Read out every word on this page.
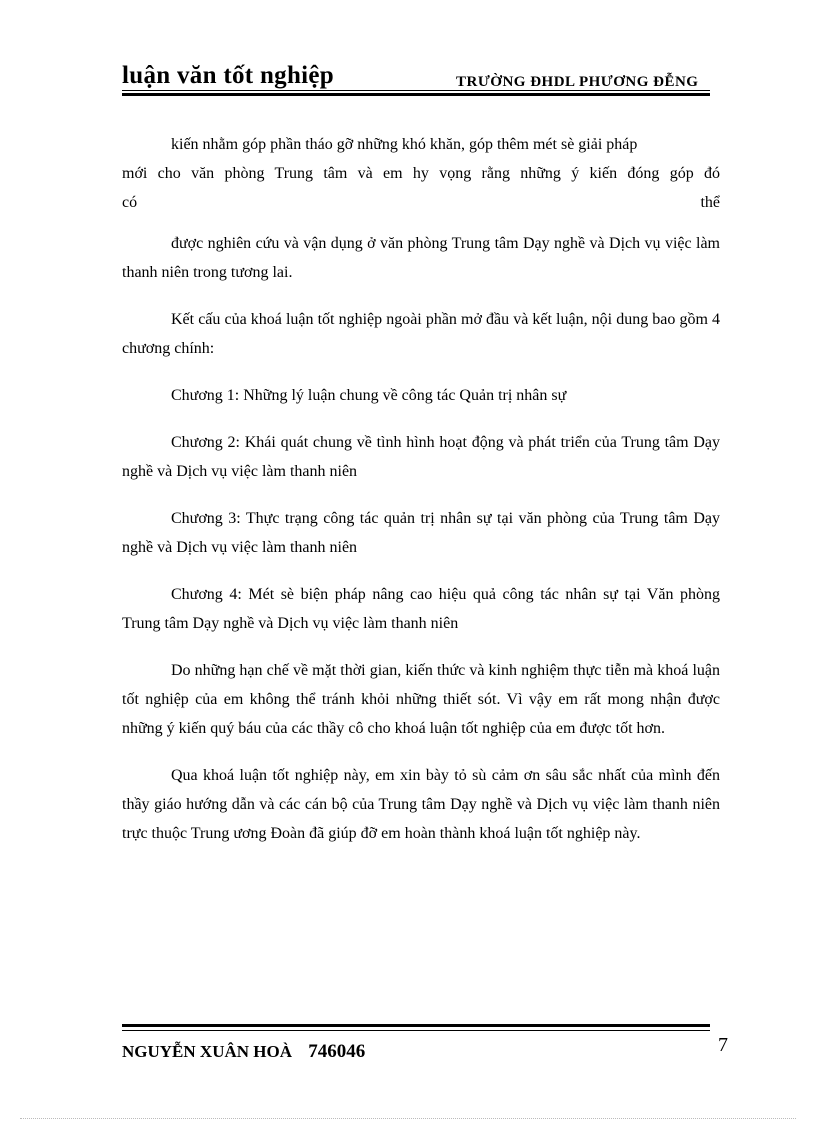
luận văn tốt nghiệp	TRƯỜNG ĐHDL PHƯƠNG ĐỄNG

kiến nhằm góp phần tháo gỡ những khó khăn, góp thêm mét sè giải pháp

mới cho văn phòng Trung tâm và em hy vọng rằng những ý kiến đóng góp đó

có	thể

được nghiên cứu và vận dụng ở văn phòng Trung tâm Dạy nghề và Dịch vụ việc làm thanh niên trong tương lai.

Kết cấu của khoá luận tốt nghiệp ngoài phần mở đầu và kết luận, nội dung bao gồm 4 chương chính:

Chương 1: Những lý luận chung về công tác Quản trị nhân sự

Chương 2: Khái quát chung về tình hình hoạt động và phát triển của Trung tâm Dạy nghề và Dịch vụ việc làm thanh niên

Chương 3: Thực trạng công tác quản trị nhân sự tại văn phòng của Trung tâm Dạy nghề và Dịch vụ việc làm thanh niên

Chương 4: Mét sè biện pháp nâng cao hiệu quả công tác nhân sự tại Văn phòng Trung tâm Dạy nghề và Dịch vụ việc làm thanh niên

Do những hạn chế về mặt thời gian, kiến thức và kinh nghiệm thực tiễn mà khoá luận tốt nghiệp của em không thể tránh khỏi những thiết sót. Vì vậy em rất mong nhận được những ý kiến quý báu của các thầy cô cho khoá luận tốt nghiệp của em được tốt hơn.

Qua khoá luận tốt nghiệp này, em xin bày tỏ sù cảm ơn sâu sắc nhất của mình đến thầy giáo hướng dẫn và các cán bộ của Trung tâm Dạy nghề và Dịch vụ việc làm thanh niên trực thuộc Trung ương Đoàn đã giúp đỡ em hoàn thành khoá luận tốt nghiệp này.

NGUYỄN XUÂN HOÀ 746046	7
